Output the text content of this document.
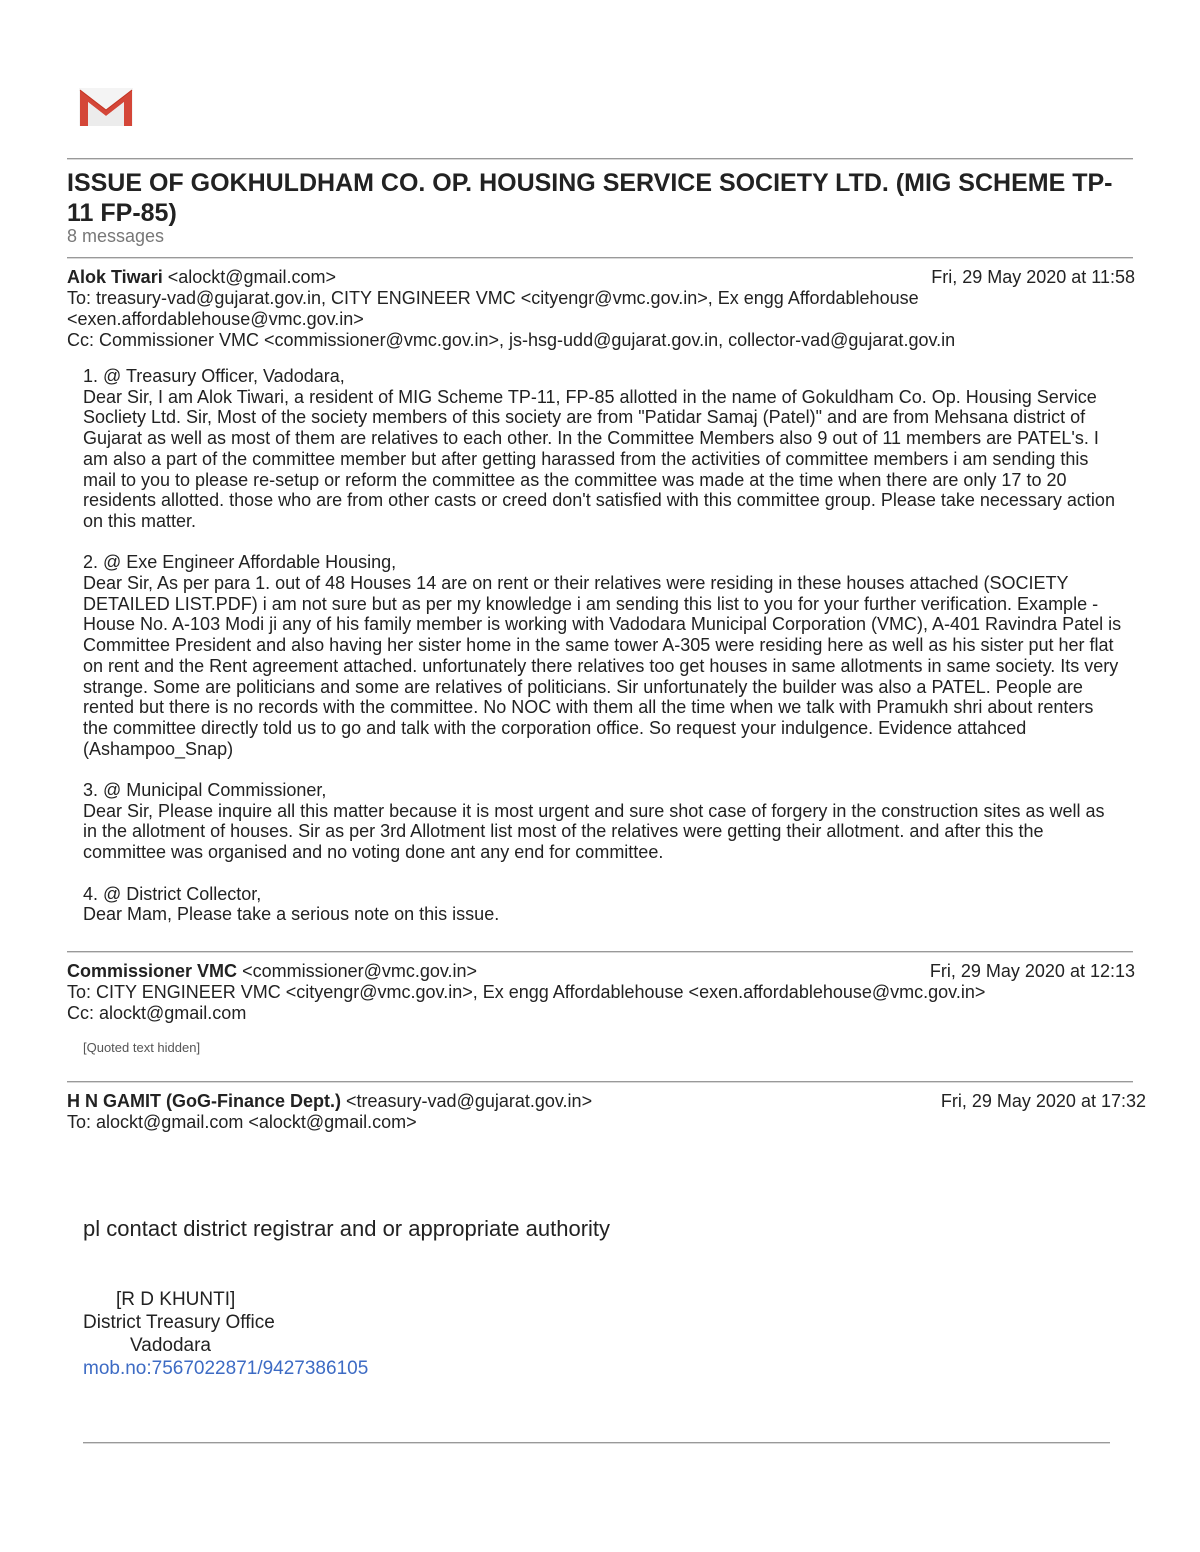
ISSUE OF GOKHULDHAM CO. OP. HOUSING SERVICE SOCIETY LTD. (MIG SCHEME TP-11 FP-85)
8 messages
Alok Tiwari <alockt@gmail.com>	Fri, 29 May 2020 at 11:58
To: treasury-vad@gujarat.gov.in, CITY ENGINEER VMC <cityengr@vmc.gov.in>, Ex engg Affordablehouse <exen.affordablehouse@vmc.gov.in>
Cc: Commissioner VMC <commissioner@vmc.gov.in>, js-hsg-udd@gujarat.gov.in, collector-vad@gujarat.gov.in

1. @ Treasury Officer, Vadodara,
Dear Sir, I am Alok Tiwari, a resident of MIG Scheme TP-11, FP-85 allotted in the name of Gokuldham Co. Op. Housing Service Socliety Ltd. Sir, Most of the society members of this society are from "Patidar Samaj (Patel)" and are from Mehsana district of Gujarat as well as most of them are relatives to each other. In the Committee Members also 9 out of 11 members are PATEL's. I am also a part of the committee member but after getting harassed from the activities of committee members i am sending this mail to you to please re-setup or reform the committee as the committee was made at the time when there are only 17 to 20 residents allotted. those who are from other casts or creed don't satisfied with this committee group. Please take necessary action on this matter.

2. @ Exe Engineer Affordable Housing,
Dear Sir, As per para 1. out of 48 Houses 14 are on rent or their relatives were residing in these houses attached (SOCIETY DETAILED LIST.PDF) i am not sure but as per my knowledge i am sending this list to you for your further verification. Example - House No. A-103 Modi ji any of his family member is working with Vadodara Municipal Corporation (VMC), A-401 Ravindra Patel is Committee President and also having her sister home in the same tower A-305 were residing here as well as his sister put her flat on rent and the Rent agreement attached. unfortunately there relatives too get houses in same allotments in same society. Its very strange. Some are politicians and some are relatives of politicians. Sir unfortunately the builder was also a PATEL. People are rented but there is no records with the committee. No NOC with them all the time when we talk with Pramukh shri about renters the committee directly told us to go and talk with the corporation office. So request your indulgence. Evidence attahced (Ashampoo_Snap)

3. @ Municipal Commissioner,
Dear Sir, Please inquire all this matter because it is most urgent and sure shot case of forgery in the construction sites as well as in the allotment of houses. Sir as per 3rd Allotment list most of the relatives were getting their allotment. and after this the committee was organised and no voting done ant any end for committee.

4. @ District Collector,
Dear Mam, Please take a serious note on this issue.

Commissioner VMC <commissioner@vmc.gov.in>	Fri, 29 May 2020 at 12:13
To: CITY ENGINEER VMC <cityengr@vmc.gov.in>, Ex engg Affordablehouse <exen.affordablehouse@vmc.gov.in>
Cc: alockt@gmail.com
[Quoted text hidden]
H N GAMIT (GoG-Finance Dept.) <treasury-vad@gujarat.gov.in>	Fri, 29 May 2020 at 17:32
To: alockt@gmail.com <alockt@gmail.com>
pl contact district registrar and or appropriate authority
[R D KHUNTI]
District Treasury Office
Vadodara
mob.no:7567022871/9427386105
